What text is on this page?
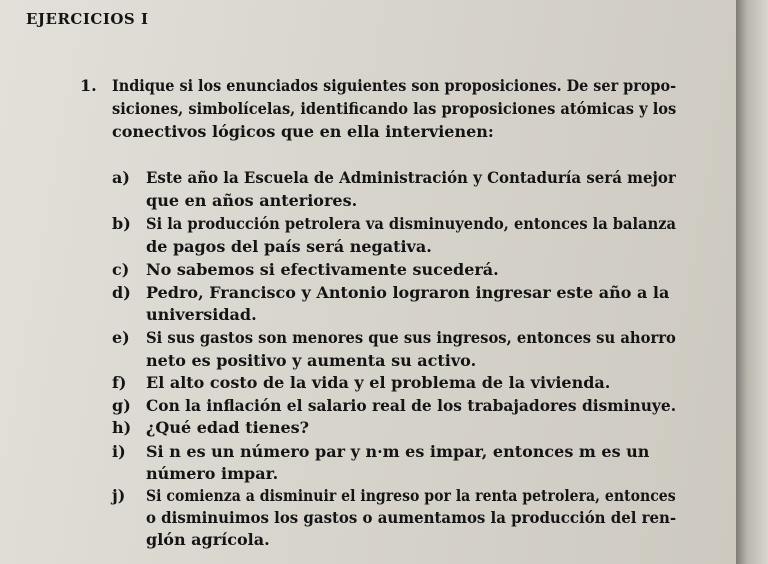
EJERCICIOS I
1. Indique si los enunciados siguientes son proposiciones. De ser propo-
siciones, simbolícelas, identificando las proposiciones atómicas y los
conectivos lógicos que en ella intervienen:
a) Este año la Escuela de Administración y Contaduría será mejor
que en años anteriores.
b) Si la producción petrolera va disminuyendo, entonces la balanza
de pagos del país será negativa.
c) No sabemos si efectivamente sucederá.
d) Pedro, Francisco y Antonio lograron ingresar este año a la
universidad.
e) Si sus gastos son menores que sus ingresos, entonces su ahorro
neto es positivo y aumenta su activo.
f) El alto costo de la vida y el problema de la vivienda.
g) Con la inflación el salario real de los trabajadores disminuye.
h) ¿Qué edad tienes?
i) Si n es un número par y n·m es impar, entonces m es un
número impar.
j) Si comienza a disminuir el ingreso por la renta petrolera, entonces
o disminuimos los gastos o aumentamos la producción del ren-
glón agrícola.
